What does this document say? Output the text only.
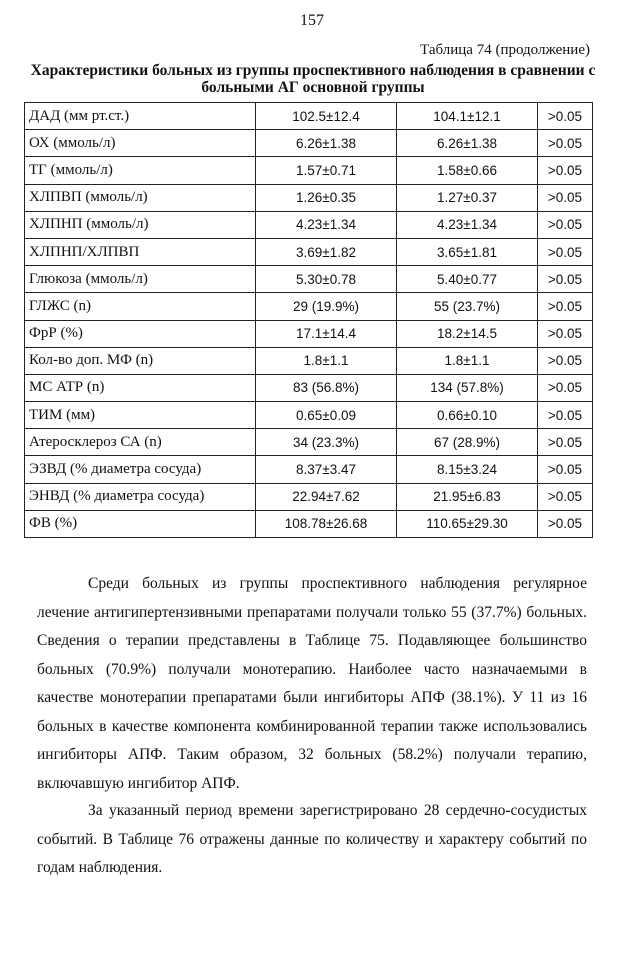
157
Таблица 74 (продолжение)
Характеристики больных из группы проспективного наблюдения в сравнении с больными АГ основной группы
ДАД (мм рт.ст.)	102.5±12.4	104.1±12.1	>0.05
ОХ (ммоль/л)	6.26±1.38	6.26±1.38	>0.05
ТГ (ммоль/л)	1.57±0.71	1.58±0.66	>0.05
ХЛПВП (ммоль/л)	1.26±0.35	1.27±0.37	>0.05
ХЛПНП (ммоль/л)	4.23±1.34	4.23±1.34	>0.05
ХЛПНП/ХЛПВП	3.69±1.82	3.65±1.81	>0.05
Глюкоза (ммоль/л)	5.30±0.78	5.40±0.77	>0.05
ГЛЖС (n)	29 (19.9%)	55 (23.7%)	>0.05
ФрР (%)	17.1±14.4	18.2±14.5	>0.05
Кол-во доп. МФ (n)	1.8±1.1	1.8±1.1	>0.05
МС АТР (n)	83 (56.8%)	134 (57.8%)	>0.05
ТИМ (мм)	0.65±0.09	0.66±0.10	>0.05
Атеросклероз СА (n)	34 (23.3%)	67 (28.9%)	>0.05
ЭЗВД (% диаметра сосуда)	8.37±3.47	8.15±3.24	>0.05
ЭНВД (% диаметра сосуда)	22.94±7.62	21.95±6.83	>0.05
ФВ (%)	108.78±26.68	110.65±29.30	>0.05

Среди больных из группы проспективного наблюдения регулярное лечение антигипертензивными препаратами получали только 55 (37.7%) больных. Сведения о терапии представлены в Таблице 75. Подавляющее большинство больных (70.9%) получали монотерапию. Наиболее часто назначаемыми в качестве монотерапии препаратами были ингибиторы АПФ (38.1%). У 11 из 16 больных в качестве компонента комбинированной терапии также использовались ингибиторы АПФ. Таким образом, 32 больных (58.2%) получали терапию, включавшую ингибитор АПФ.

За указанный период времени зарегистрировано 28 сердечно-сосудистых событий. В Таблице 76 отражены данные по количеству и характеру событий по годам наблюдения.
